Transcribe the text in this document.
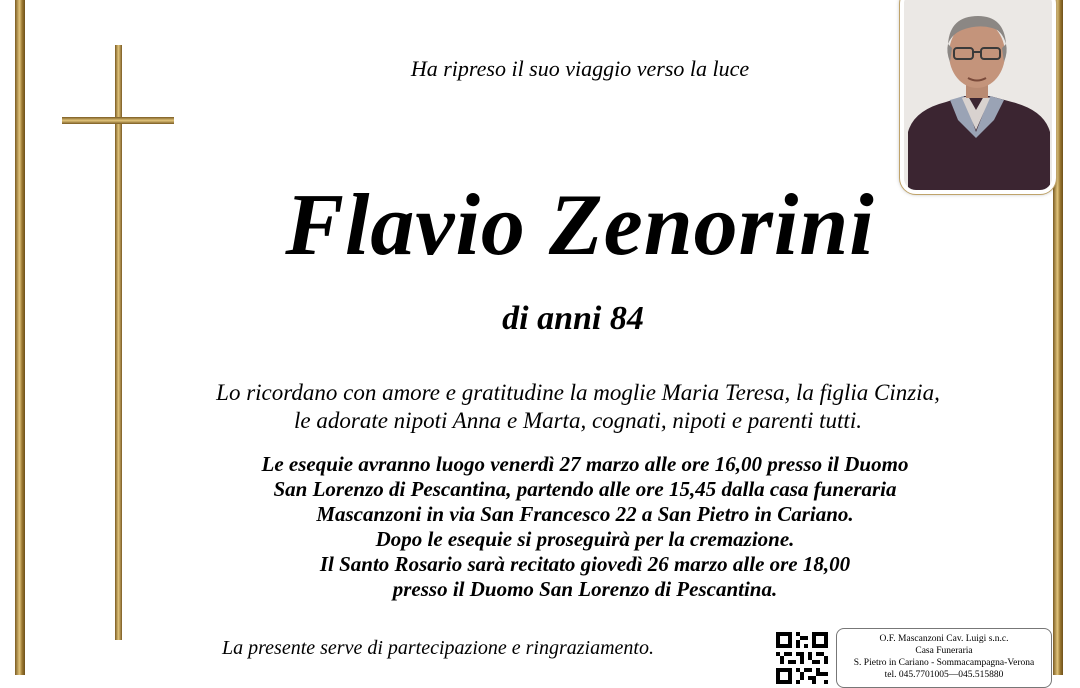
Ha ripreso il suo viaggio verso la luce
Flavio Zenorini
di anni 84
Lo ricordano con amore e gratitudine la moglie Maria Teresa, la figlia Cinzia,
le adorate nipoti Anna e Marta, cognati, nipoti e parenti tutti.
Le esequie avranno luogo venerdì 27 marzo alle ore 16,00 presso il Duomo
San Lorenzo di Pescantina, partendo alle ore 15,45 dalla casa funeraria
Mascanzoni in via San Francesco 22 a San Pietro in Cariano.
Dopo le esequie si proseguirà per la cremazione.
Il Santo Rosario sarà recitato giovedì 26 marzo alle ore 18,00
presso il Duomo San Lorenzo di Pescantina.
La presente serve di partecipazione e ringraziamento.	O.F. Mascanzoni Cav. Luigi s.n.c.
Casa Funeraria
S. Pietro in Cariano - Sommacampagna-Verona
tel. 045.7701005—045.515880
